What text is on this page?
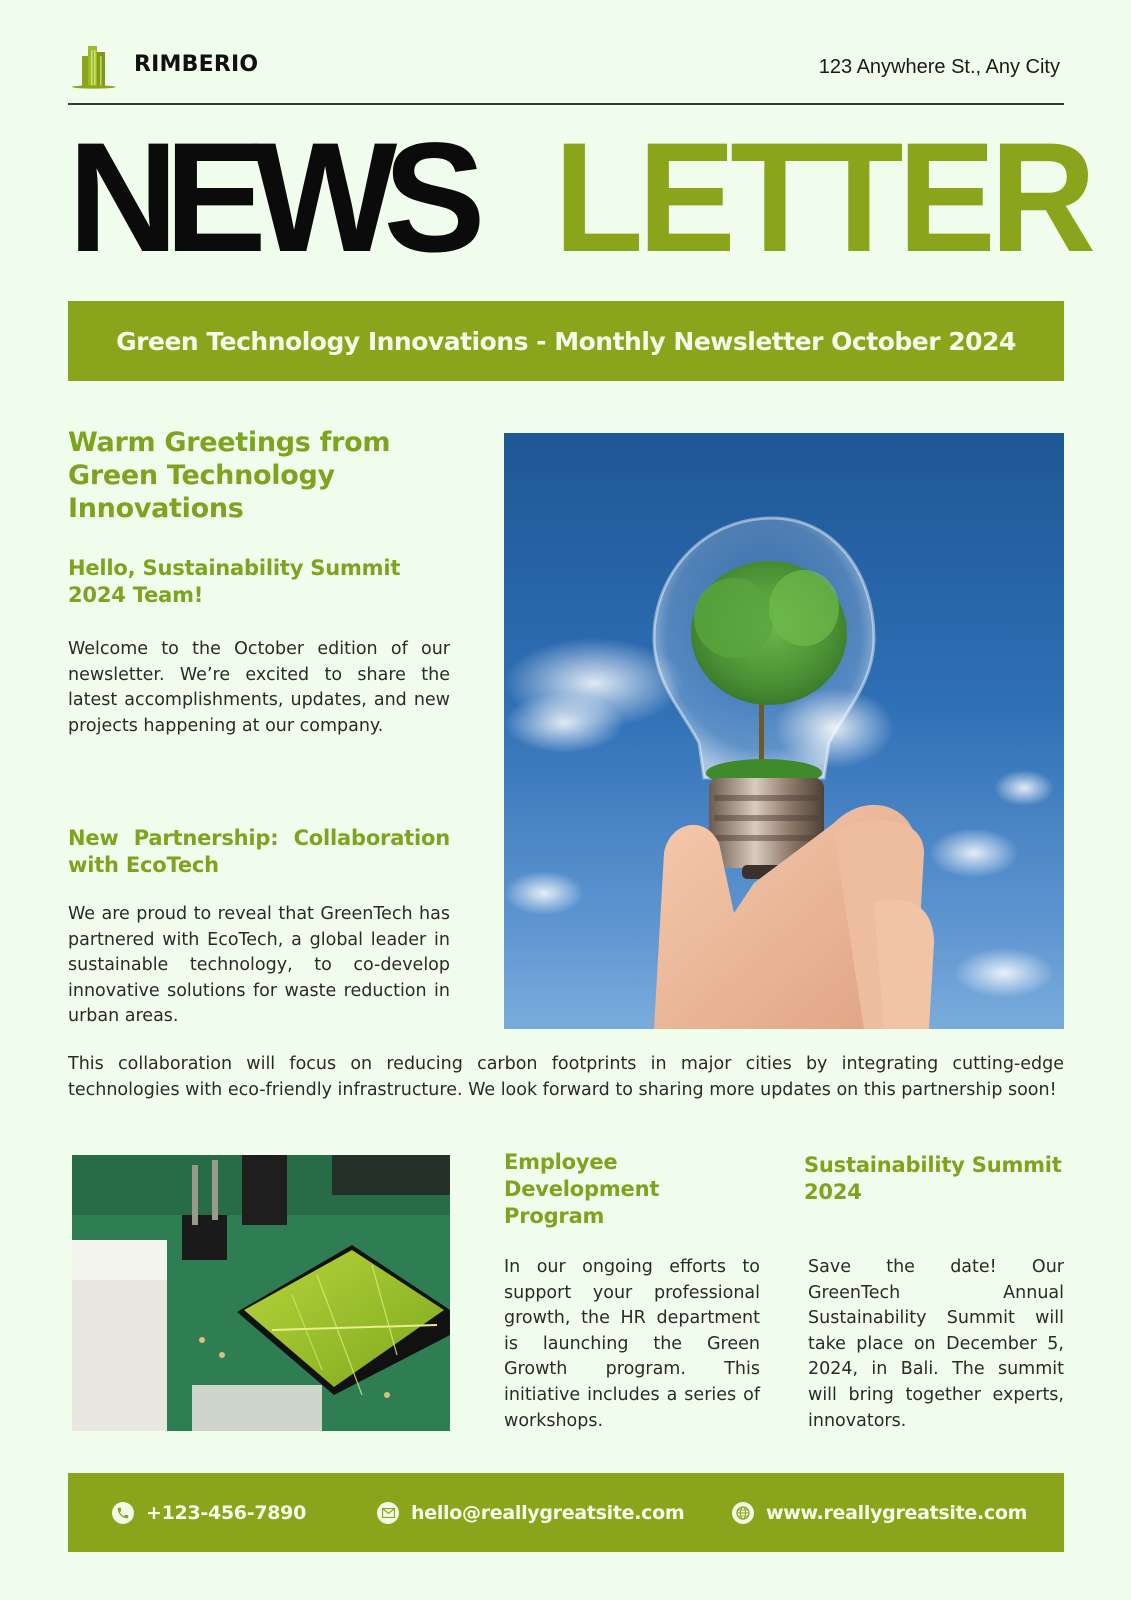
RIMBERIO	123 Anywhere St., Any City
NEWS LETTER
Green Technology Innovations - Monthly Newsletter October 2024
Warm Greetings from Green Technology Innovations
Hello, Sustainability Summit 2024 Team!
Welcome to the October edition of our newsletter. We’re excited to share the latest accomplishments, updates, and new projects happening at our company.
New Partnership: Collaboration with EcoTech
We are proud to reveal that GreenTech has partnered with EcoTech, a global leader in sustainable technology, to co-develop innovative solutions for waste reduction in urban areas.
This collaboration will focus on reducing carbon footprints in major cities by integrating cutting-edge technologies with eco-friendly infrastructure. We look forward to sharing more updates on this partnership soon!
Employee Development Program
In our ongoing efforts to support your professional growth, the HR department is launching the Green Growth program. This initiative includes a series of workshops.
Sustainability Summit 2024
Save the date! Our GreenTech Annual Sustainability Summit will take place on December 5, 2024, in Bali. The summit will bring together experts, innovators.
+123-456-7890	hello@reallygreatsite.com	www.reallygreatsite.com
